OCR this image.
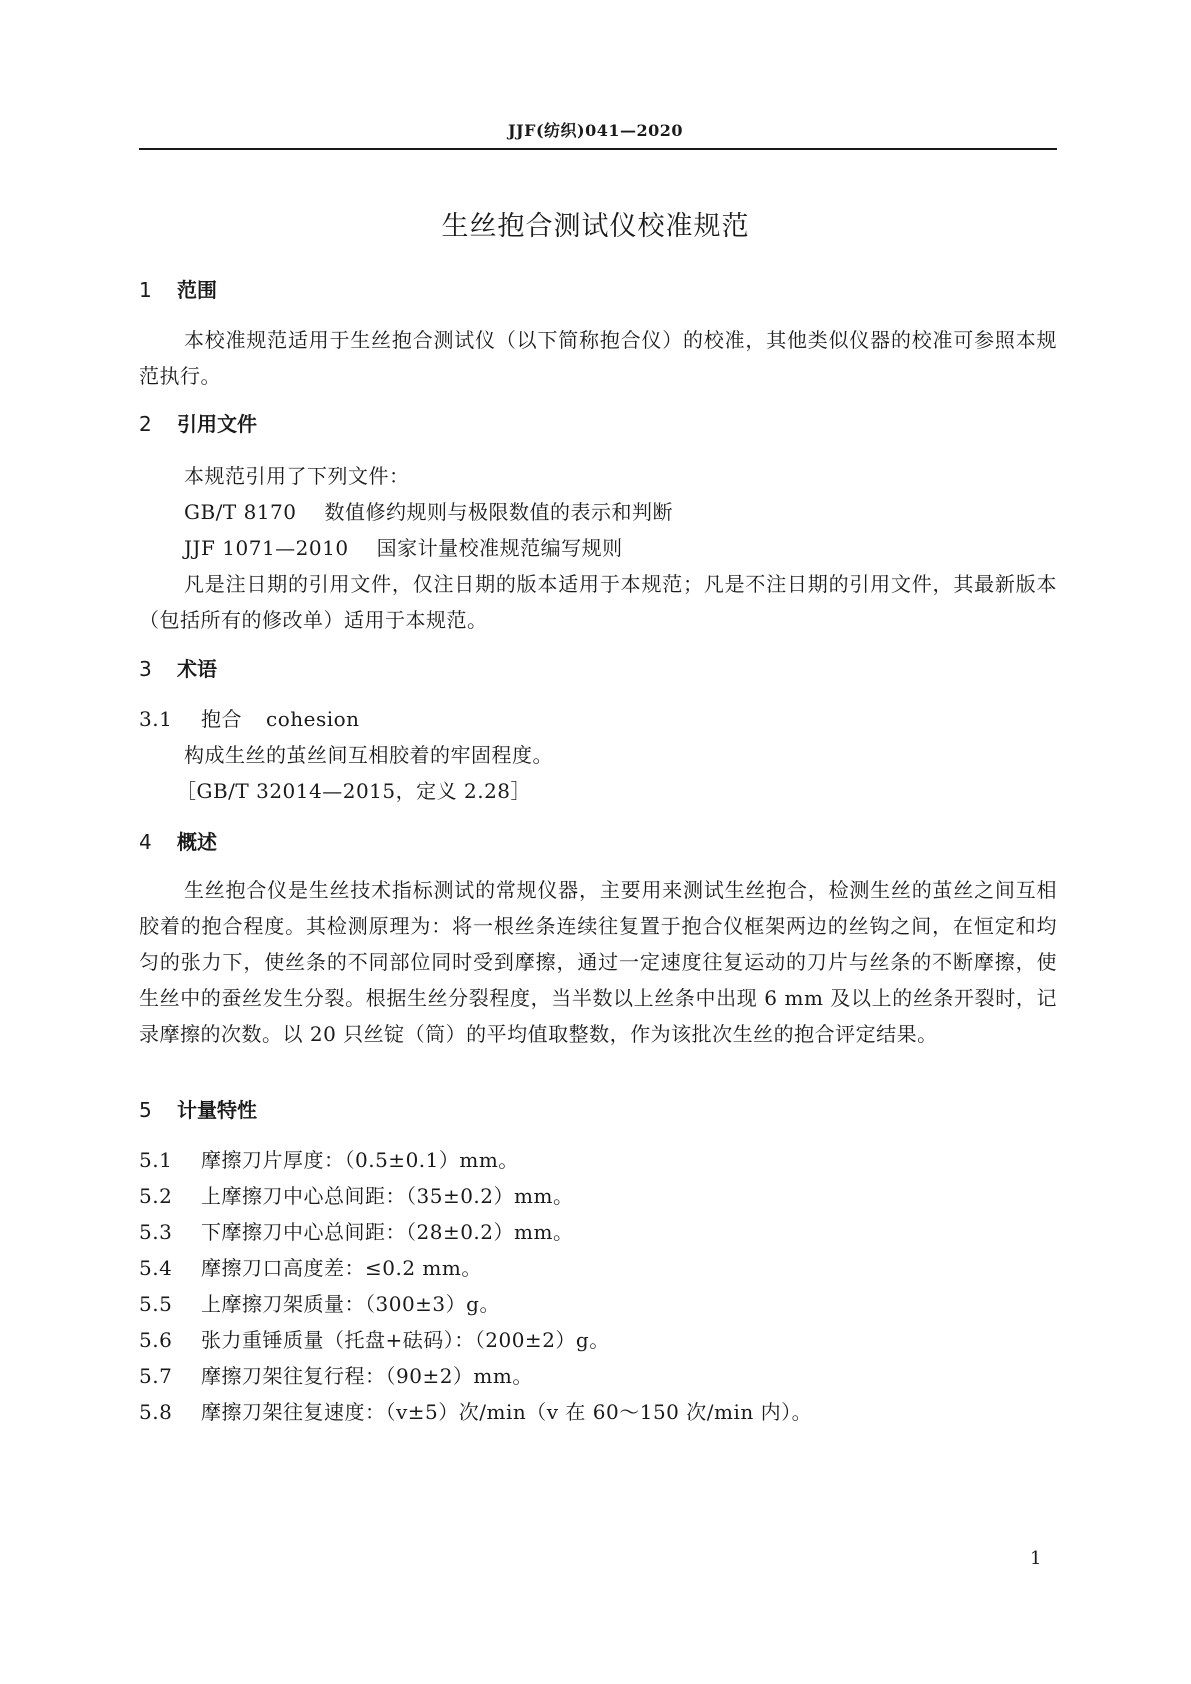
JJF(纺织)041—2020
生丝抱合测试仪校准规范
1 范围
本校准规范适用于生丝抱合测试仪（以下简称抱合仪）的校准，其他类似仪器的校准可参照本规范执行。
2 引用文件
本规范引用了下列文件：
GB/T 8170 数值修约规则与极限数值的表示和判断
JJF 1071—2010 国家计量校准规范编写规则
凡是注日期的引用文件，仅注日期的版本适用于本规范；凡是不注日期的引用文件，其最新版本（包括所有的修改单）适用于本规范。
3 术语
3.1 抱合 cohesion
构成生丝的茧丝间互相胶着的牢固程度。
［GB/T 32014—2015，定义 2.28］
4 概述
生丝抱合仪是生丝技术指标测试的常规仪器，主要用来测试生丝抱合，检测生丝的茧丝之间互相胶着的抱合程度。其检测原理为：将一根丝条连续往复置于抱合仪框架两边的丝钩之间，在恒定和均匀的张力下，使丝条的不同部位同时受到摩擦，通过一定速度往复运动的刀片与丝条的不断摩擦，使生丝中的蚕丝发生分裂。根据生丝分裂程度，当半数以上丝条中出现 6 mm 及以上的丝条开裂时，记录摩擦的次数。以 20 只丝锭（筒）的平均值取整数，作为该批次生丝的抱合评定结果。
5 计量特性
5.1 摩擦刀片厚度：（0.5±0.1）mm。
5.2 上摩擦刀中心总间距：（35±0.2）mm。
5.3 下摩擦刀中心总间距：（28±0.2）mm。
5.4 摩擦刀口高度差：≤0.2 mm。
5.5 上摩擦刀架质量：（300±3）g。
5.6 张力重锤质量（托盘+砝码）：（200±2）g。
5.7 摩擦刀架往复行程：（90±2）mm。
5.8 摩擦刀架往复速度：（v±5）次/min（v 在 60～150 次/min 内）。
1
